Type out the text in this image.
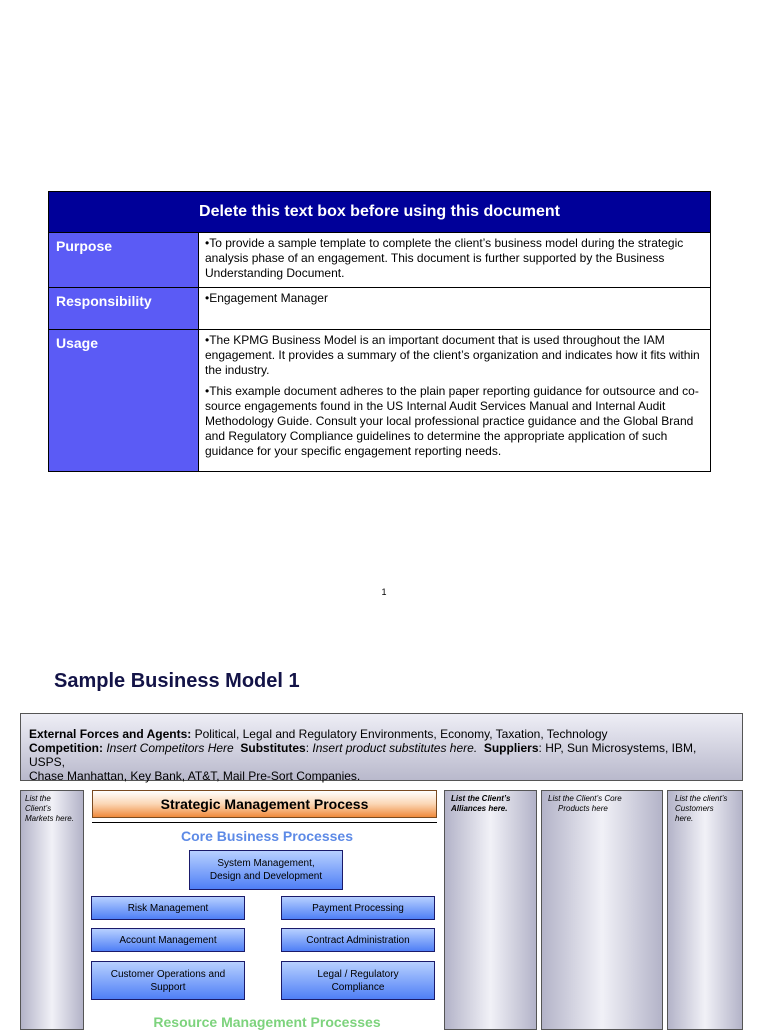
Delete this text box before using this document	
Purpose	•To provide a sample template to complete the client’s business model during the strategic analysis phase of an engagement. This document is further supported by the Business Understanding Document.

Responsibility	•Engagement Manager

Usage	•The KPMG Business Model is an important document that is used throughout the IAM engagement. It provides a summary of the client’s organization and indicates how it fits within the industry.

•This example document adheres to the plain paper reporting guidance for outsource and co-source engagements found in the US Internal Audit Services Manual and Internal Audit Methodology Guide. Consult your local professional practice guidance and the Global Brand and Regulatory Compliance guidelines to determine the appropriate application of such guidance for your specific engagement reporting needs.

1
Sample Business Model 1
External Forces and Agents: Political, Legal and Regulatory Environments, Economy, Taxation, Technology
Competition: Insert Competitors Here Substitutes: Insert product substitutes here. Suppliers: HP, Sun Microsystems, IBM, USPS,
Chase Manhattan, Key Bank, AT&T, Mail Pre-Sort Companies.
List the
Client’s
Markets here.
List the Client’s
Alliances here.
List the Client’s Core
Products here
List the client’s
Customers
here.
Strategic Management Process
Core Business Processes
System Management,
Design and Development
Risk Management	Payment Processing
Account Management	Contract Administration
Customer Operations and
Support
Legal / Regulatory
Compliance
Resource Management Processes
